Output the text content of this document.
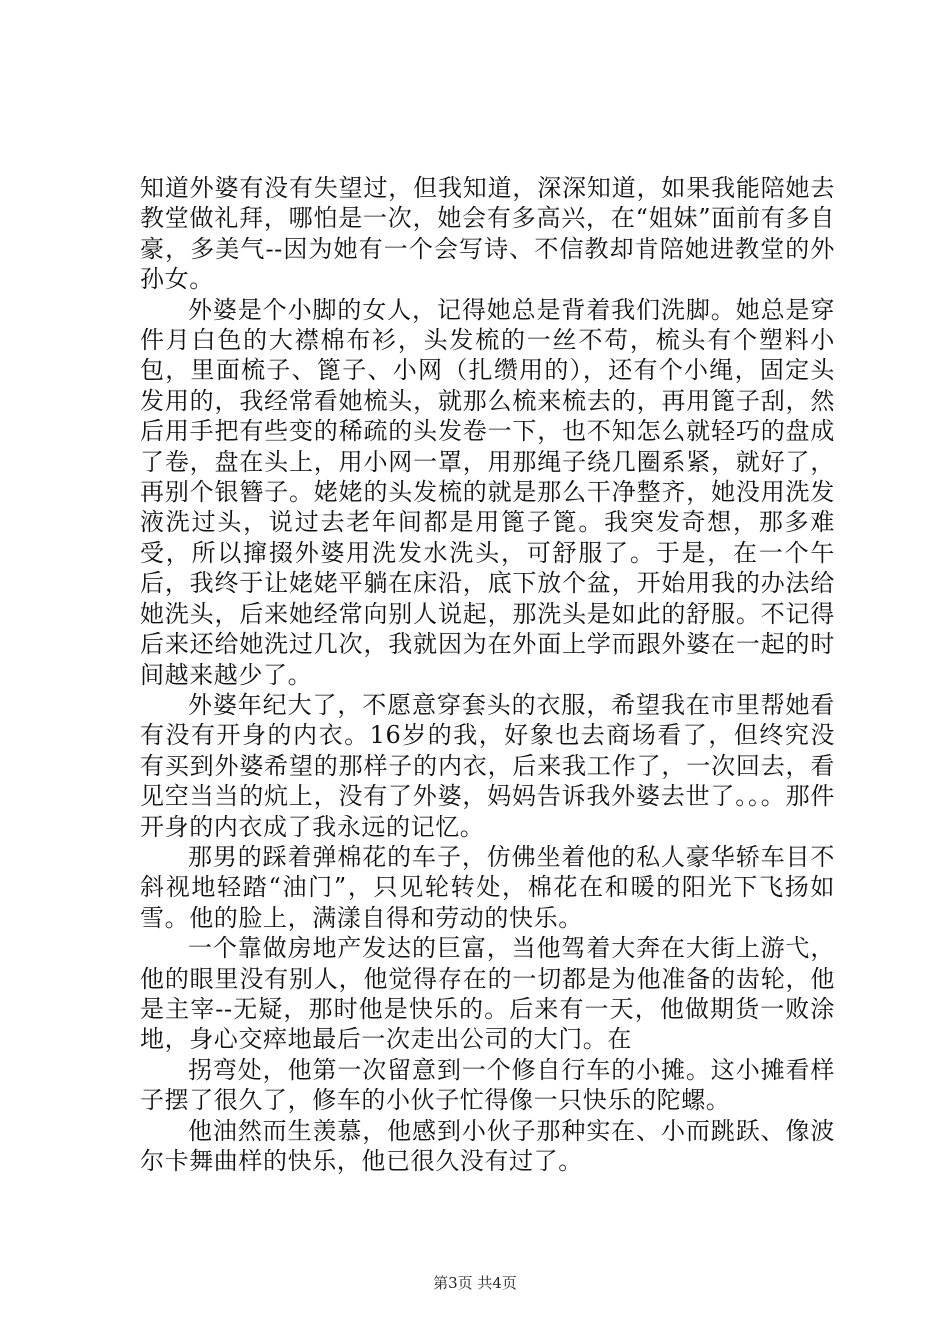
知道外婆有没有失望过，但我知道，深深知道，如果我能陪她去教堂做礼拜，哪怕是一次，她会有多高兴，在“姐妹”面前有多自豪，多美气--因为她有一个会写诗、不信教却肯陪她进教堂的外孙女。

外婆是个小脚的女人，记得她总是背着我们洗脚。她总是穿件月白色的大襟棉布衫，头发梳的一丝不苟，梳头有个塑料小包，里面梳子、篦子、小网（扎缵用的），还有个小绳，固定头发用的，我经常看她梳头，就那么梳来梳去的，再用篦子刮，然后用手把有些变的稀疏的头发卷一下，也不知怎么就轻巧的盘成了卷，盘在头上，用小网一罩，用那绳子绕几圈系紧，就好了，再别个银簪子。姥姥的头发梳的就是那么干净整齐，她没用洗发液洗过头，说过去老年间都是用篦子篦。我突发奇想，那多难受，所以撺掇外婆用洗发水洗头，可舒服了。于是，在一个午后，我终于让姥姥平躺在床沿，底下放个盆，开始用我的办法给她洗头，后来她经常向别人说起，那洗头是如此的舒服。不记得后来还给她洗过几次，我就因为在外面上学而跟外婆在一起的时间越来越少了。

外婆年纪大了，不愿意穿套头的衣服，希望我在市里帮她看有没有开身的内衣。16岁的我，好象也去商场看了，但终究没有买到外婆希望的那样子的内衣，后来我工作了，一次回去，看见空当当的炕上，没有了外婆，妈妈告诉我外婆去世了。。。那件开身的内衣成了我永远的记忆。

那男的踩着弹棉花的车子，仿佛坐着他的私人豪华轿车目不斜视地轻踏“油门”，只见轮转处，棉花在和暖的阳光下飞扬如雪。他的脸上，满漾自得和劳动的快乐。

一个靠做房地产发达的巨富，当他驾着大奔在大街上游弋，他的眼里没有别人，他觉得存在的一切都是为他准备的齿轮，他是主宰--无疑，那时他是快乐的。后来有一天，他做期货一败涂地，身心交瘁地最后一次走出公司的大门。在

拐弯处，他第一次留意到一个修自行车的小摊。这小摊看样子摆了很久了，修车的小伙子忙得像一只快乐的陀螺。

他油然而生羡慕，他感到小伙子那种实在、小而跳跃、像波尔卡舞曲样的快乐，他已很久没有过了。

第3页 共4页
